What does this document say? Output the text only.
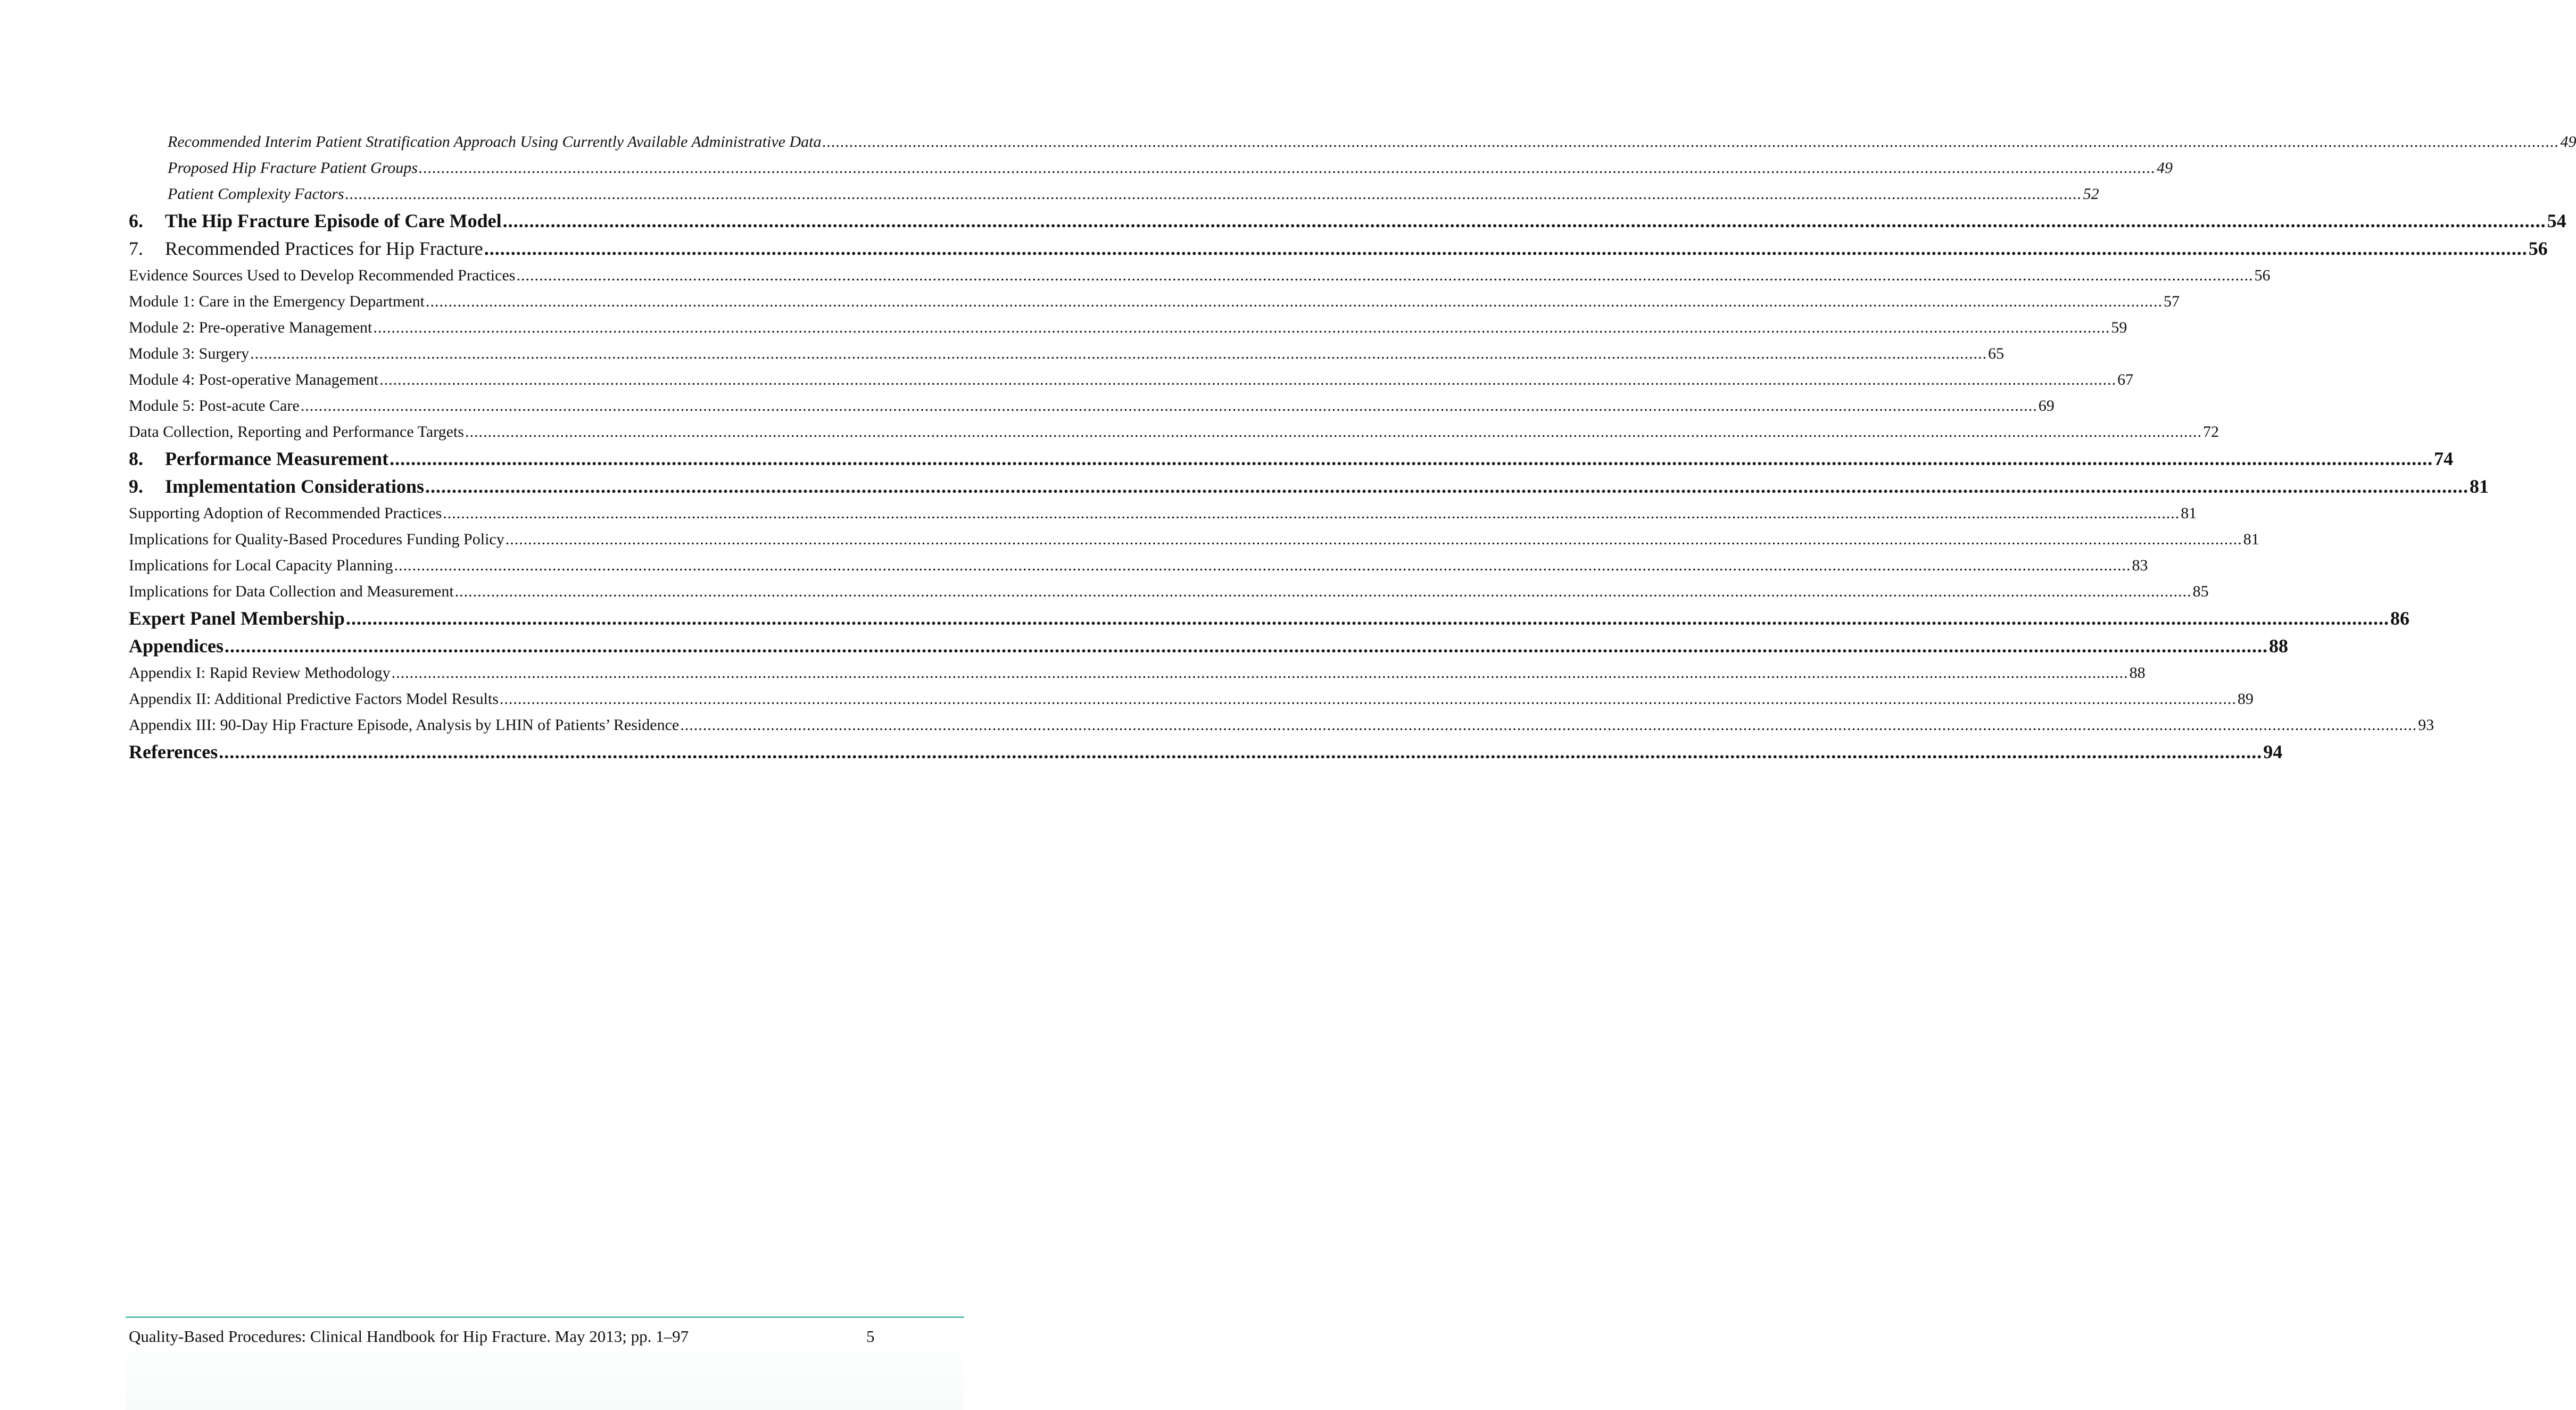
Recommended Interim Patient Stratification Approach Using Currently Available Administrative Data .....	49
Proposed Hip Fracture Patient Groups .....	49
Patient Complexity Factors .....	52
6.	The Hip Fracture Episode of Care Model .....	54
7.	Recommended Practices for Hip Fracture .....	56
Evidence Sources Used to Develop Recommended Practices .....	56
Module 1: Care in the Emergency Department .....	57
Module 2: Pre-operative Management .....	59
Module 3: Surgery .....	65
Module 4: Post-operative Management .....	67
Module 5: Post-acute Care .....	69
Data Collection, Reporting and Performance Targets .....	72
8.	Performance Measurement .....	74
9.	Implementation Considerations .....	81
Supporting Adoption of Recommended Practices .....	81
Implications for Quality-Based Procedures Funding Policy .....	81
Implications for Local Capacity Planning .....	83
Implications for Data Collection and Measurement .....	85
Expert Panel Membership .....	86
Appendices .....	88
Appendix I: Rapid Review Methodology .....	88
Appendix II: Additional Predictive Factors Model Results .....	89
Appendix III: 90-Day Hip Fracture Episode, Analysis by LHIN of Patients’ Residence .....	93
References .....	94
Quality-Based Procedures: Clinical Handbook for Hip Fracture. May 2013; pp. 1–97	5
